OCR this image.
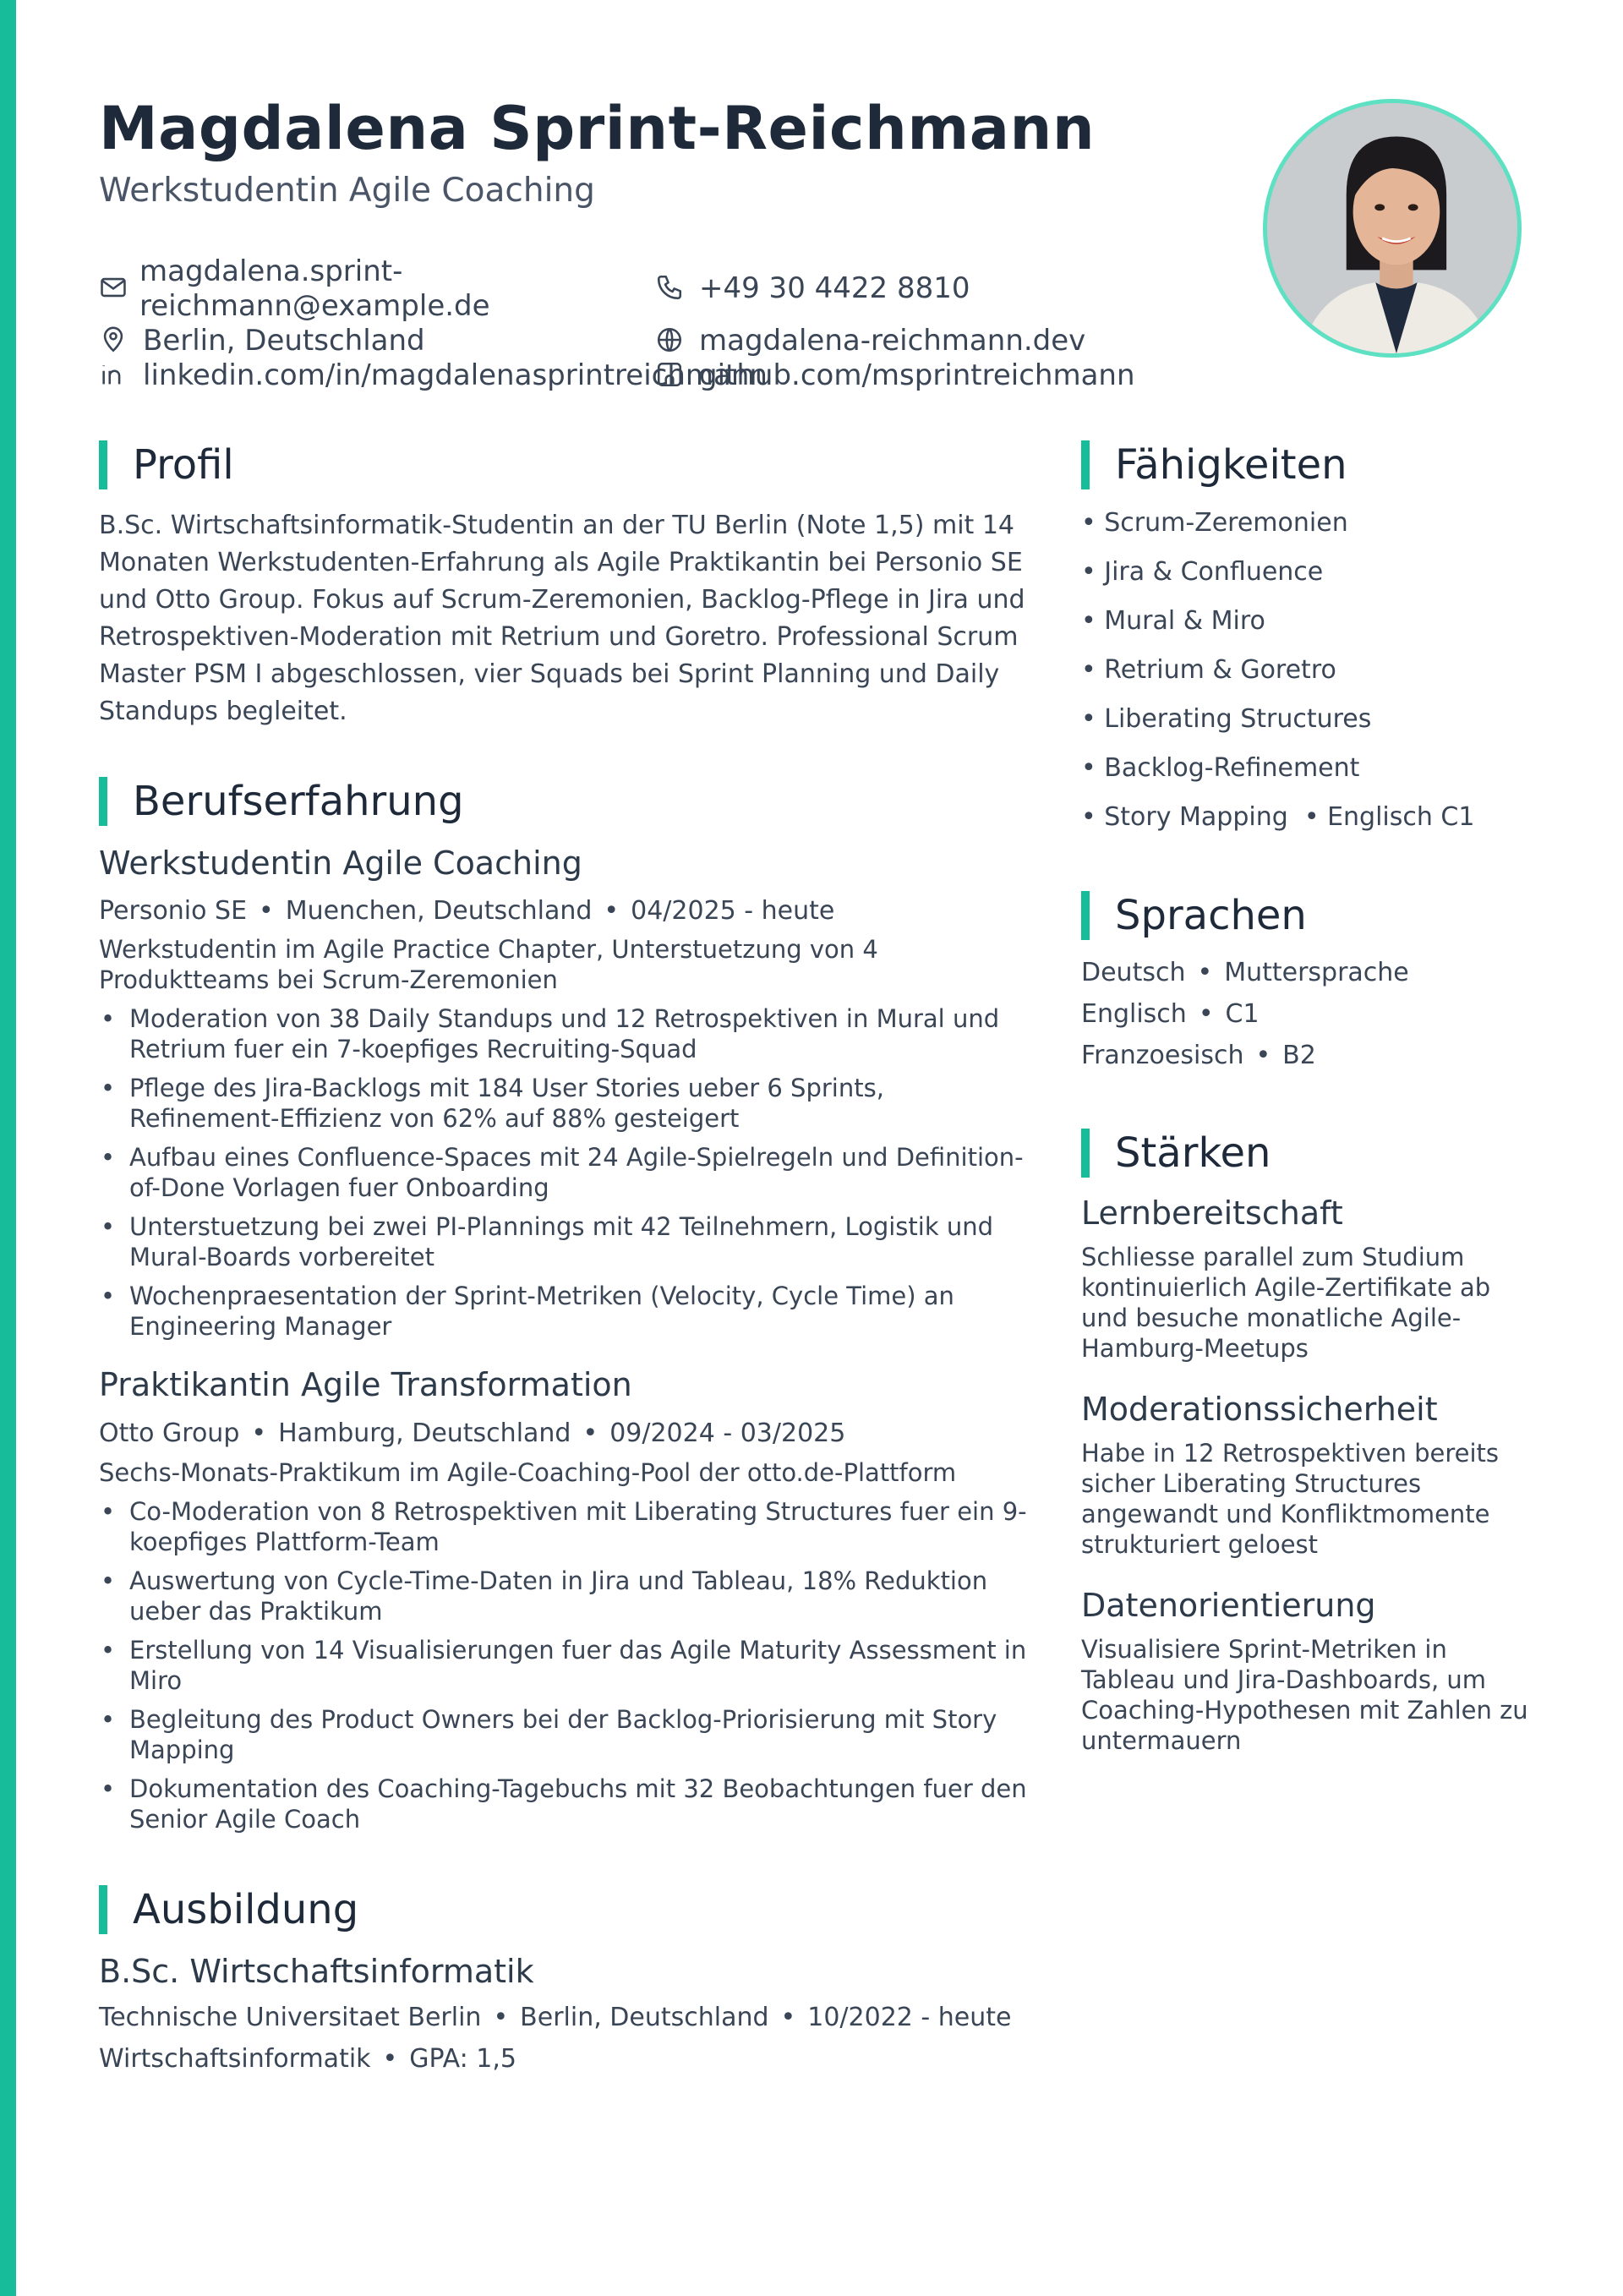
Magdalena Sprint-Reichmann
Werkstudentin Agile Coaching
magdalena.sprint-
reichmann@example.de
+49 30 4422 8810
Berlin, Deutschland	magdalena-reichmann.dev
linkedin.com/in/magdalenasprintreichmann
github.com/msprintreichmann
Profil
B.Sc. Wirtschaftsinformatik-Studentin an der TU Berlin (Note 1,5) mit 14
Monaten Werkstudenten-Erfahrung als Agile Praktikantin bei Personio SE
und Otto Group. Fokus auf Scrum-Zeremonien, Backlog-Pflege in Jira und
Retrospektiven-Moderation mit Retrium und Goretro. Professional Scrum
Master PSM I abgeschlossen, vier Squads bei Sprint Planning und Daily
Standups begleitet.
Berufserfahrung
Werkstudentin Agile Coaching
Personio SE • Muenchen, Deutschland • 04/2025 - heute
Werkstudentin im Agile Practice Chapter, Unterstuetzung von 4
Produktteams bei Scrum-Zeremonien
• Moderation von 38 Daily Standups und 12 Retrospektiven in Mural und
Retrium fuer ein 7-koepfiges Recruiting-Squad
• Pflege des Jira-Backlogs mit 184 User Stories ueber 6 Sprints,
Refinement-Effizienz von 62% auf 88% gesteigert
• Aufbau eines Confluence-Spaces mit 24 Agile-Spielregeln und Definition-
of-Done Vorlagen fuer Onboarding
• Unterstuetzung bei zwei PI-Plannings mit 42 Teilnehmern, Logistik und
Mural-Boards vorbereitet
• Wochenpraesentation der Sprint-Metriken (Velocity, Cycle Time) an
Engineering Manager
Praktikantin Agile Transformation
Otto Group • Hamburg, Deutschland • 09/2024 - 03/2025
Sechs-Monats-Praktikum im Agile-Coaching-Pool der otto.de-Plattform
• Co-Moderation von 8 Retrospektiven mit Liberating Structures fuer ein 9-
koepfiges Plattform-Team
• Auswertung von Cycle-Time-Daten in Jira und Tableau, 18% Reduktion
ueber das Praktikum
• Erstellung von 14 Visualisierungen fuer das Agile Maturity Assessment in
Miro
• Begleitung des Product Owners bei der Backlog-Priorisierung mit Story
Mapping
• Dokumentation des Coaching-Tagebuchs mit 32 Beobachtungen fuer den
Senior Agile Coach
Ausbildung
B.Sc. Wirtschaftsinformatik
Technische Universitaet Berlin • Berlin, Deutschland • 10/2022 - heute
Wirtschaftsinformatik • GPA: 1,5
Fähigkeiten
• Scrum-Zeremonien
• Jira & Confluence
• Mural & Miro
• Retrium & Goretro
• Liberating Structures
• Backlog-Refinement
• Story Mapping  • Englisch C1
Sprachen
Deutsch • Muttersprache
Englisch • C1
Franzoesisch • B2
Stärken
Lernbereitschaft
Schliesse parallel zum Studium
kontinuierlich Agile-Zertifikate ab
und besuche monatliche Agile-
Hamburg-Meetups
Moderationssicherheit
Habe in 12 Retrospektiven bereits
sicher Liberating Structures
angewandt und Konfliktmomente
strukturiert geloest
Datenorientierung
Visualisiere Sprint-Metriken in
Tableau und Jira-Dashboards, um
Coaching-Hypothesen mit Zahlen zu
untermauern
